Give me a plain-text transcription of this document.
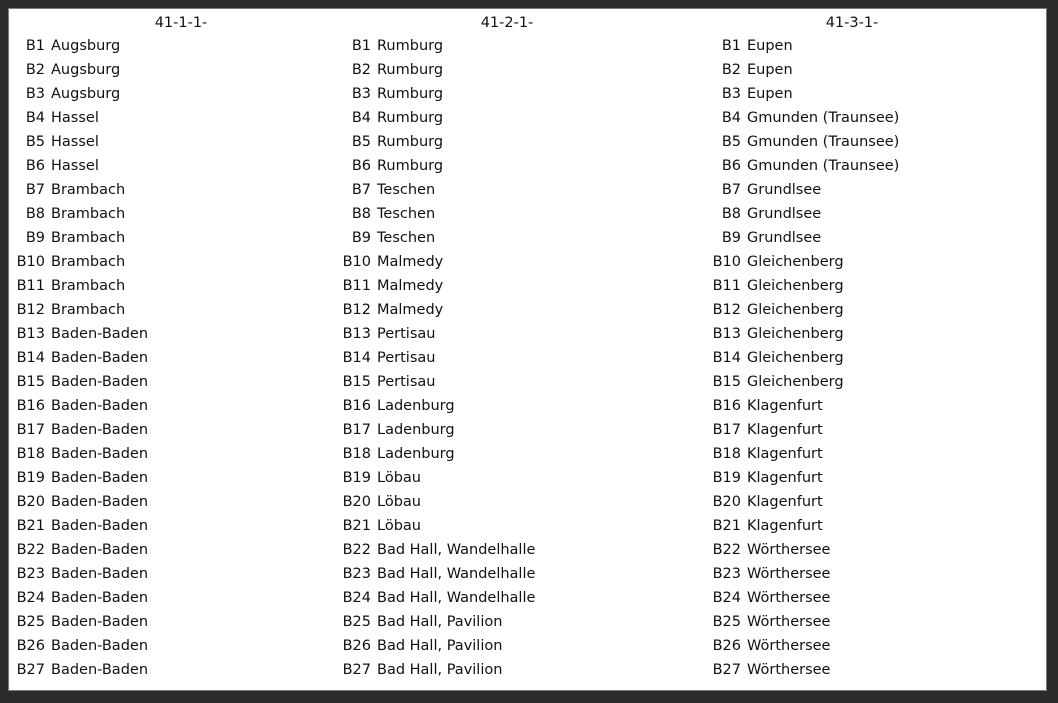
41-1-1-
B1 Augsburg
B2 Augsburg
B3 Augsburg
B4 Hassel
B5 Hassel
B6 Hassel
B7 Brambach
B8 Brambach
B9 Brambach
B10 Brambach
B11 Brambach
B12 Brambach
B13 Baden-Baden
B14 Baden-Baden
B15 Baden-Baden
B16 Baden-Baden
B17 Baden-Baden
B18 Baden-Baden
B19 Baden-Baden
B20 Baden-Baden
B21 Baden-Baden
B22 Baden-Baden
B23 Baden-Baden
B24 Baden-Baden
B25 Baden-Baden
B26 Baden-Baden
B27 Baden-Baden
41-2-1-
B1 Rumburg
B2 Rumburg
B3 Rumburg
B4 Rumburg
B5 Rumburg
B6 Rumburg
B7 Teschen
B8 Teschen
B9 Teschen
B10 Malmedy
B11 Malmedy
B12 Malmedy
B13 Pertisau
B14 Pertisau
B15 Pertisau
B16 Ladenburg
B17 Ladenburg
B18 Ladenburg
B19 Löbau
B20 Löbau
B21 Löbau
B22 Bad Hall, Wandelhalle
B23 Bad Hall, Wandelhalle
B24 Bad Hall, Wandelhalle
B25 Bad Hall, Pavilion
B26 Bad Hall, Pavilion
B27 Bad Hall, Pavilion
41-3-1-
B1 Eupen
B2 Eupen
B3 Eupen
B4 Gmunden (Traunsee)
B5 Gmunden (Traunsee)
B6 Gmunden (Traunsee)
B7 Grundlsee
B8 Grundlsee
B9 Grundlsee
B10 Gleichenberg
B11 Gleichenberg
B12 Gleichenberg
B13 Gleichenberg
B14 Gleichenberg
B15 Gleichenberg
B16 Klagenfurt
B17 Klagenfurt
B18 Klagenfurt
B19 Klagenfurt
B20 Klagenfurt
B21 Klagenfurt
B22 Wörthersee
B23 Wörthersee
B24 Wörthersee
B25 Wörthersee
B26 Wörthersee
B27 Wörthersee
